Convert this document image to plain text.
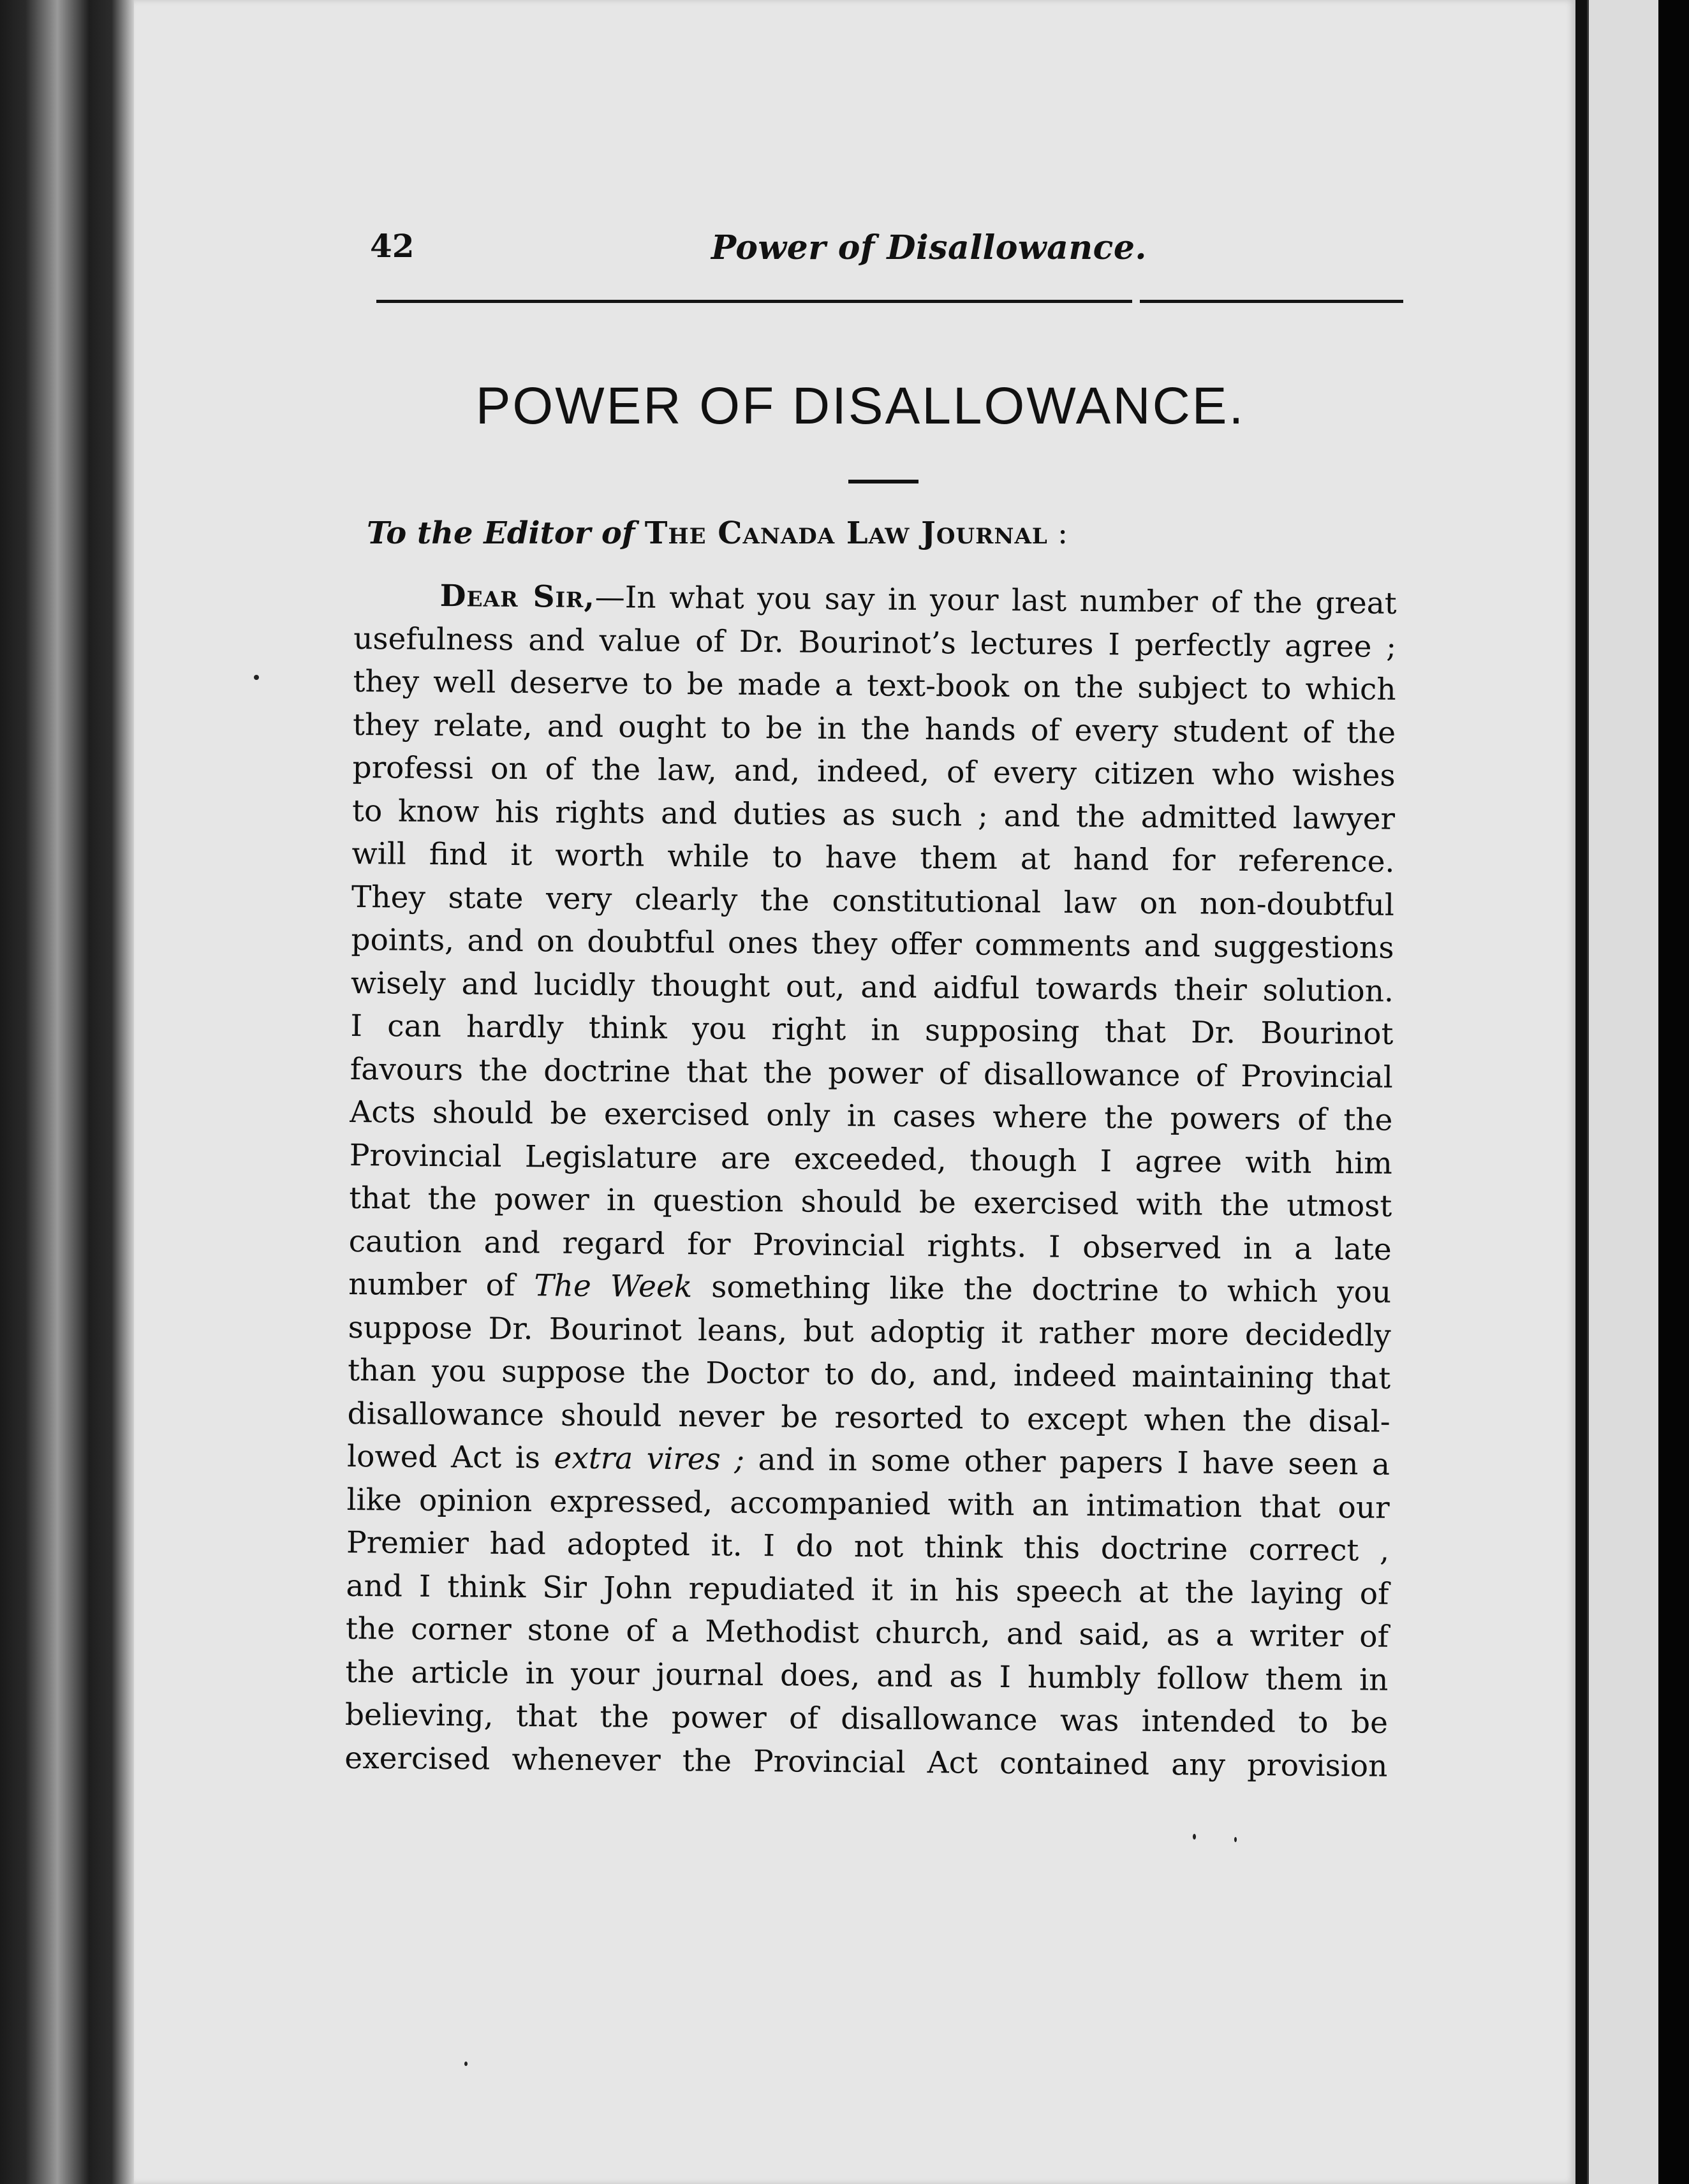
42	Power of Disallowance.
POWER OF DISALLOWANCE.
To the Editor of The Canada Law Journal :
Dear Sir,—In what you say in your last number of the great
usefulness and value of Dr. Bourinot’s lectures I perfectly agree ;
they well deserve to be made a text-book on the subject to which
they relate, and ought to be in the hands of every student of the
professi on of the law, and, indeed, of every citizen who wishes
to know his rights and duties as such ; and the admitted lawyer
will find it worth while to have them at hand for reference.
They state very clearly the constitutional law on non-doubtful
points, and on doubtful ones they offer comments and suggestions
wisely and lucidly thought out, and aidful towards their solution.
I can hardly think you right in supposing that Dr. Bourinot
favours the doctrine that the power of disallowance of Provincial
Acts should be exercised only in cases where the powers of the
Provincial Legislature are exceeded, though I agree with him
that the power in question should be exercised with the utmost
caution and regard for Provincial rights. I observed in a late
number of The Week something like the doctrine to which you
suppose Dr. Bourinot leans, but adoptig it rather more decidedly
than you suppose the Doctor to do, and, indeed maintaining that
disallowance should never be resorted to except when the disal-
lowed Act is extra vires ; and in some other papers I have seen a
like opinion expressed, accompanied with an intimation that our
Premier had adopted it. I do not think this doctrine correct ,
and I think Sir John repudiated it in his speech at the laying of
the corner stone of a Methodist church, and said, as a writer of
the article in your journal does, and as I humbly follow them in
believing, that the power of disallowance was intended to be
exercised whenever the Provincial Act contained any provision
